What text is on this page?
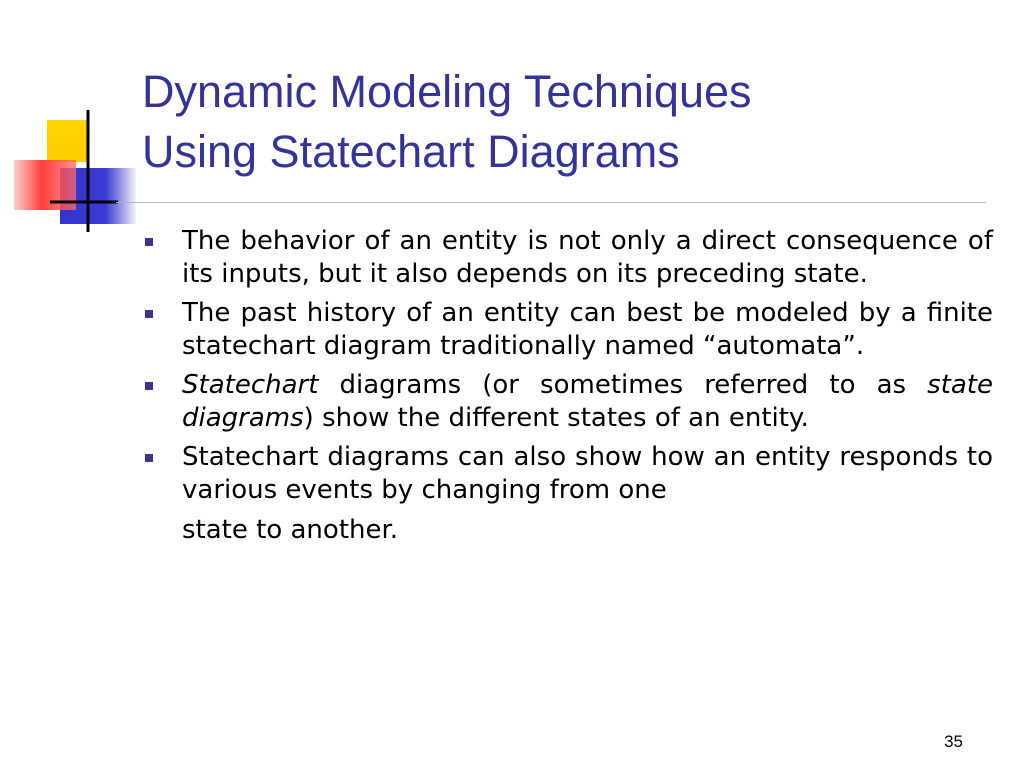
Dynamic Modeling Techniques
Using Statechart Diagrams
The behavior of an entity is not only a direct consequence of its inputs, but it also depends on its preceding state.
The past history of an entity can best be modeled by a finite statechart diagram traditionally named “automata”.
Statechart diagrams (or sometimes referred to as state diagrams) show the different states of an entity.
Statechart diagrams can also show how an entity responds to various events by changing from one
state to another.
35
